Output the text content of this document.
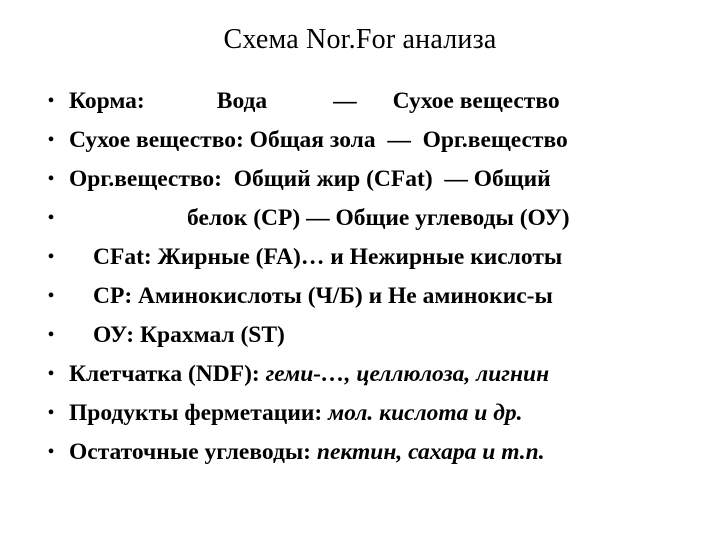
Схема Nor.For анализа
• Корма:	Вода	— Сухое вещество
• Сухое вещество: Общая зола  —  Орг.вещество
• Орг.вещество:  Общий жир (CFat)  — Общий
•	белок (CP) — Общие углеводы (ОУ)
• CFat: Жирные (FA)… и Нежирные кислоты
• CP: Аминокислоты (Ч/Б) и Не аминокис-ы
• ОУ: Крахмал (ST)
• Клетчатка (NDF): геми-…, целлюлоза, лигнин
• Продукты ферметации: мол. кислота и др.
• Остаточные углеводы: пектин, сахара и т.п.
